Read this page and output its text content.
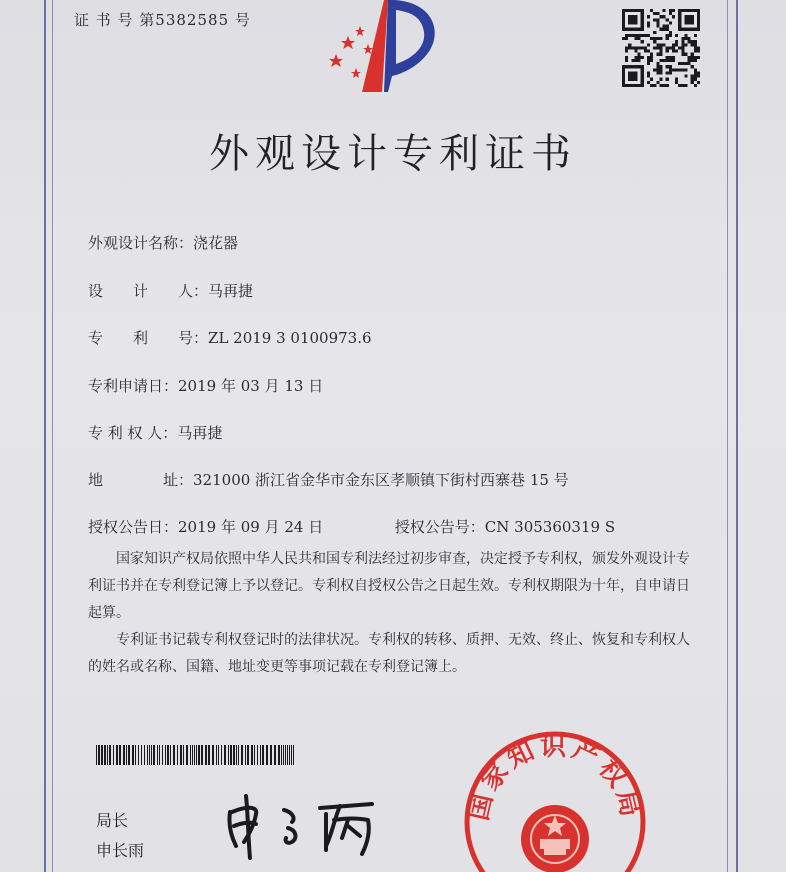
证 书 号 第5382585 号
外观设计专利证书
外观设计名称：浇花器
设　　计　　人：马再捷
专　　利　　号：ZL 2019 3 0100973.6
专利申请日：2019 年 03 月 13 日
专 利 权 人：马再捷
地　　　　址：321000 浙江省金华市金东区孝顺镇下街村西寨巷 15 号
授权公告日：2019 年 09 月 24 日	授权公告号：CN 305360319 S

国家知识产权局依照中华人民共和国专利法经过初步审查，决定授予专利权，颁发外观设计专利证书并在专利登记簿上予以登记。专利权自授权公告之日起生效。专利权期限为十年，自申请日起算。

专利证书记载专利权登记时的法律状况。专利权的转移、质押、无效、终止、恢复和专利权人的姓名或名称、国籍、地址变更等事项记载在专利登记簿上。

局长
申长雨
国家知识产权局
